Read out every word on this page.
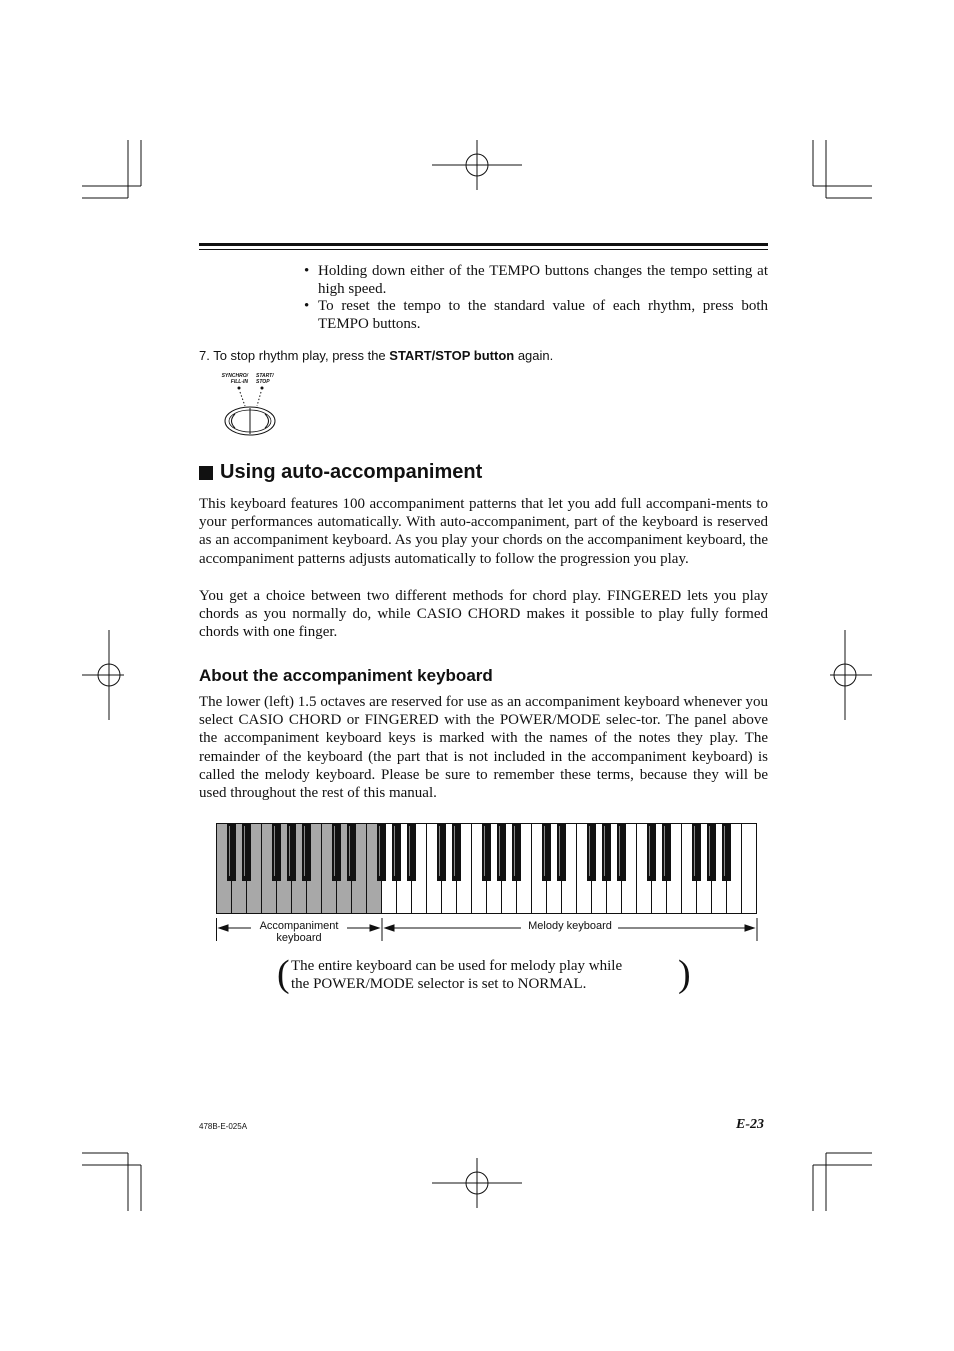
• Holding down either of the TEMPO buttons changes the tempo setting at high speed.
• To reset the tempo to the standard value of each rhythm, press both TEMPO buttons.
7. To stop rhythm play, press the START/STOP button again.
SYNCHRO/
FILL-IN
START/
STOP
Using auto-accompaniment

This keyboard features 100 accompaniment patterns that let you add full accompani-ments to your performances automatically. With auto-accompaniment, part of the keyboard is reserved as an accompaniment keyboard. As you play your chords on the accompaniment keyboard, the accompaniment patterns adjusts automatically to follow the progression you play.

You get a choice between two different methods for chord play. FINGERED lets you play chords as you normally do, while CASIO CHORD makes it possible to play fully formed chords with one finger.

About the accompaniment keyboard

The lower (left) 1.5 octaves are reserved for use as an accompaniment keyboard whenever you select CASIO CHORD or FINGERED with the POWER/MODE selec-tor. The panel above the accompaniment keyboard keys is marked with the names of the notes they play. The remainder of the keyboard (the part that is not included in the accompaniment keyboard) is called the melody keyboard. Please be sure to remember these terms, because they will be used throughout the rest of this manual.

Accompaniment
keyboard
Melody keyboard
( The entire keyboard can be used for melody play while
the POWER/MODE selector is set to NORMAL.	)
478B-E-025A	E-23
